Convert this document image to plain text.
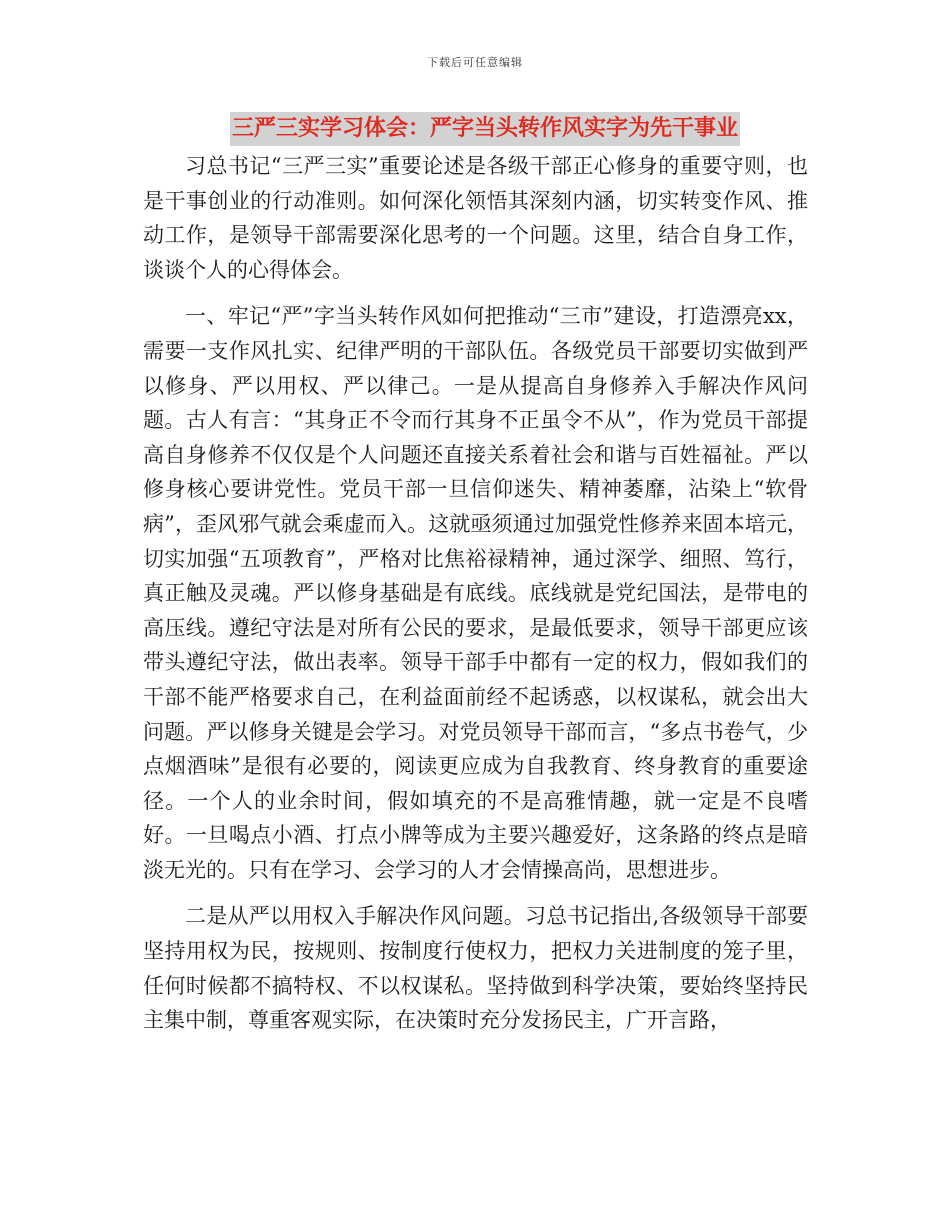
下载后可任意编辑
三严三实学习体会：严字当头转作风实字为先干事业

习总书记“三严三实”重要论述是各级干部正心修身的重要守则，也是干事创业的行动准则。如何深化领悟其深刻内涵，切实转变作风、推动工作，是领导干部需要深化思考的一个问题。这里，结合自身工作，谈谈个人的心得体会。

一、牢记“严”字当头转作风如何把推动“三市”建设，打造漂亮xx，需要一支作风扎实、纪律严明的干部队伍。各级党员干部要切实做到严以修身、严以用权、严以律己。一是从提高自身修养入手解决作风问题。古人有言：“其身正不令而行其身不正虽令不从”，作为党员干部提高自身修养不仅仅是个人问题还直接关系着社会和谐与百姓福祉。严以修身核心要讲党性。党员干部一旦信仰迷失、精神萎靡，沾染上“软骨病”，歪风邪气就会乘虚而入。这就亟须通过加强党性修养来固本培元，切实加强“五项教育”，严格对比焦裕禄精神，通过深学、细照、笃行，真正触及灵魂。严以修身基础是有底线。底线就是党纪国法，是带电的高压线。遵纪守法是对所有公民的要求，是最低要求，领导干部更应该带头遵纪守法，做出表率。领导干部手中都有一定的权力，假如我们的干部不能严格要求自己，在利益面前经不起诱惑，以权谋私，就会出大问题。严以修身关键是会学习。对党员领导干部而言，“多点书卷气，少点烟酒味”是很有必要的，阅读更应成为自我教育、终身教育的重要途径。一个人的业余时间，假如填充的不是高雅情趣，就一定是不良嗜好。一旦喝点小酒、打点小牌等成为主要兴趣爱好，这条路的终点是暗淡无光的。只有在学习、会学习的人才会情操高尚，思想进步。

二是从严以用权入手解决作风问题。习总书记指出,各级领导干部要坚持用权为民，按规则、按制度行使权力，把权力关进制度的笼子里，任何时候都不搞特权、不以权谋私。坚持做到科学决策，要始终坚持民主集中制，尊重客观实际，在决策时充分发扬民主，广开言路，
